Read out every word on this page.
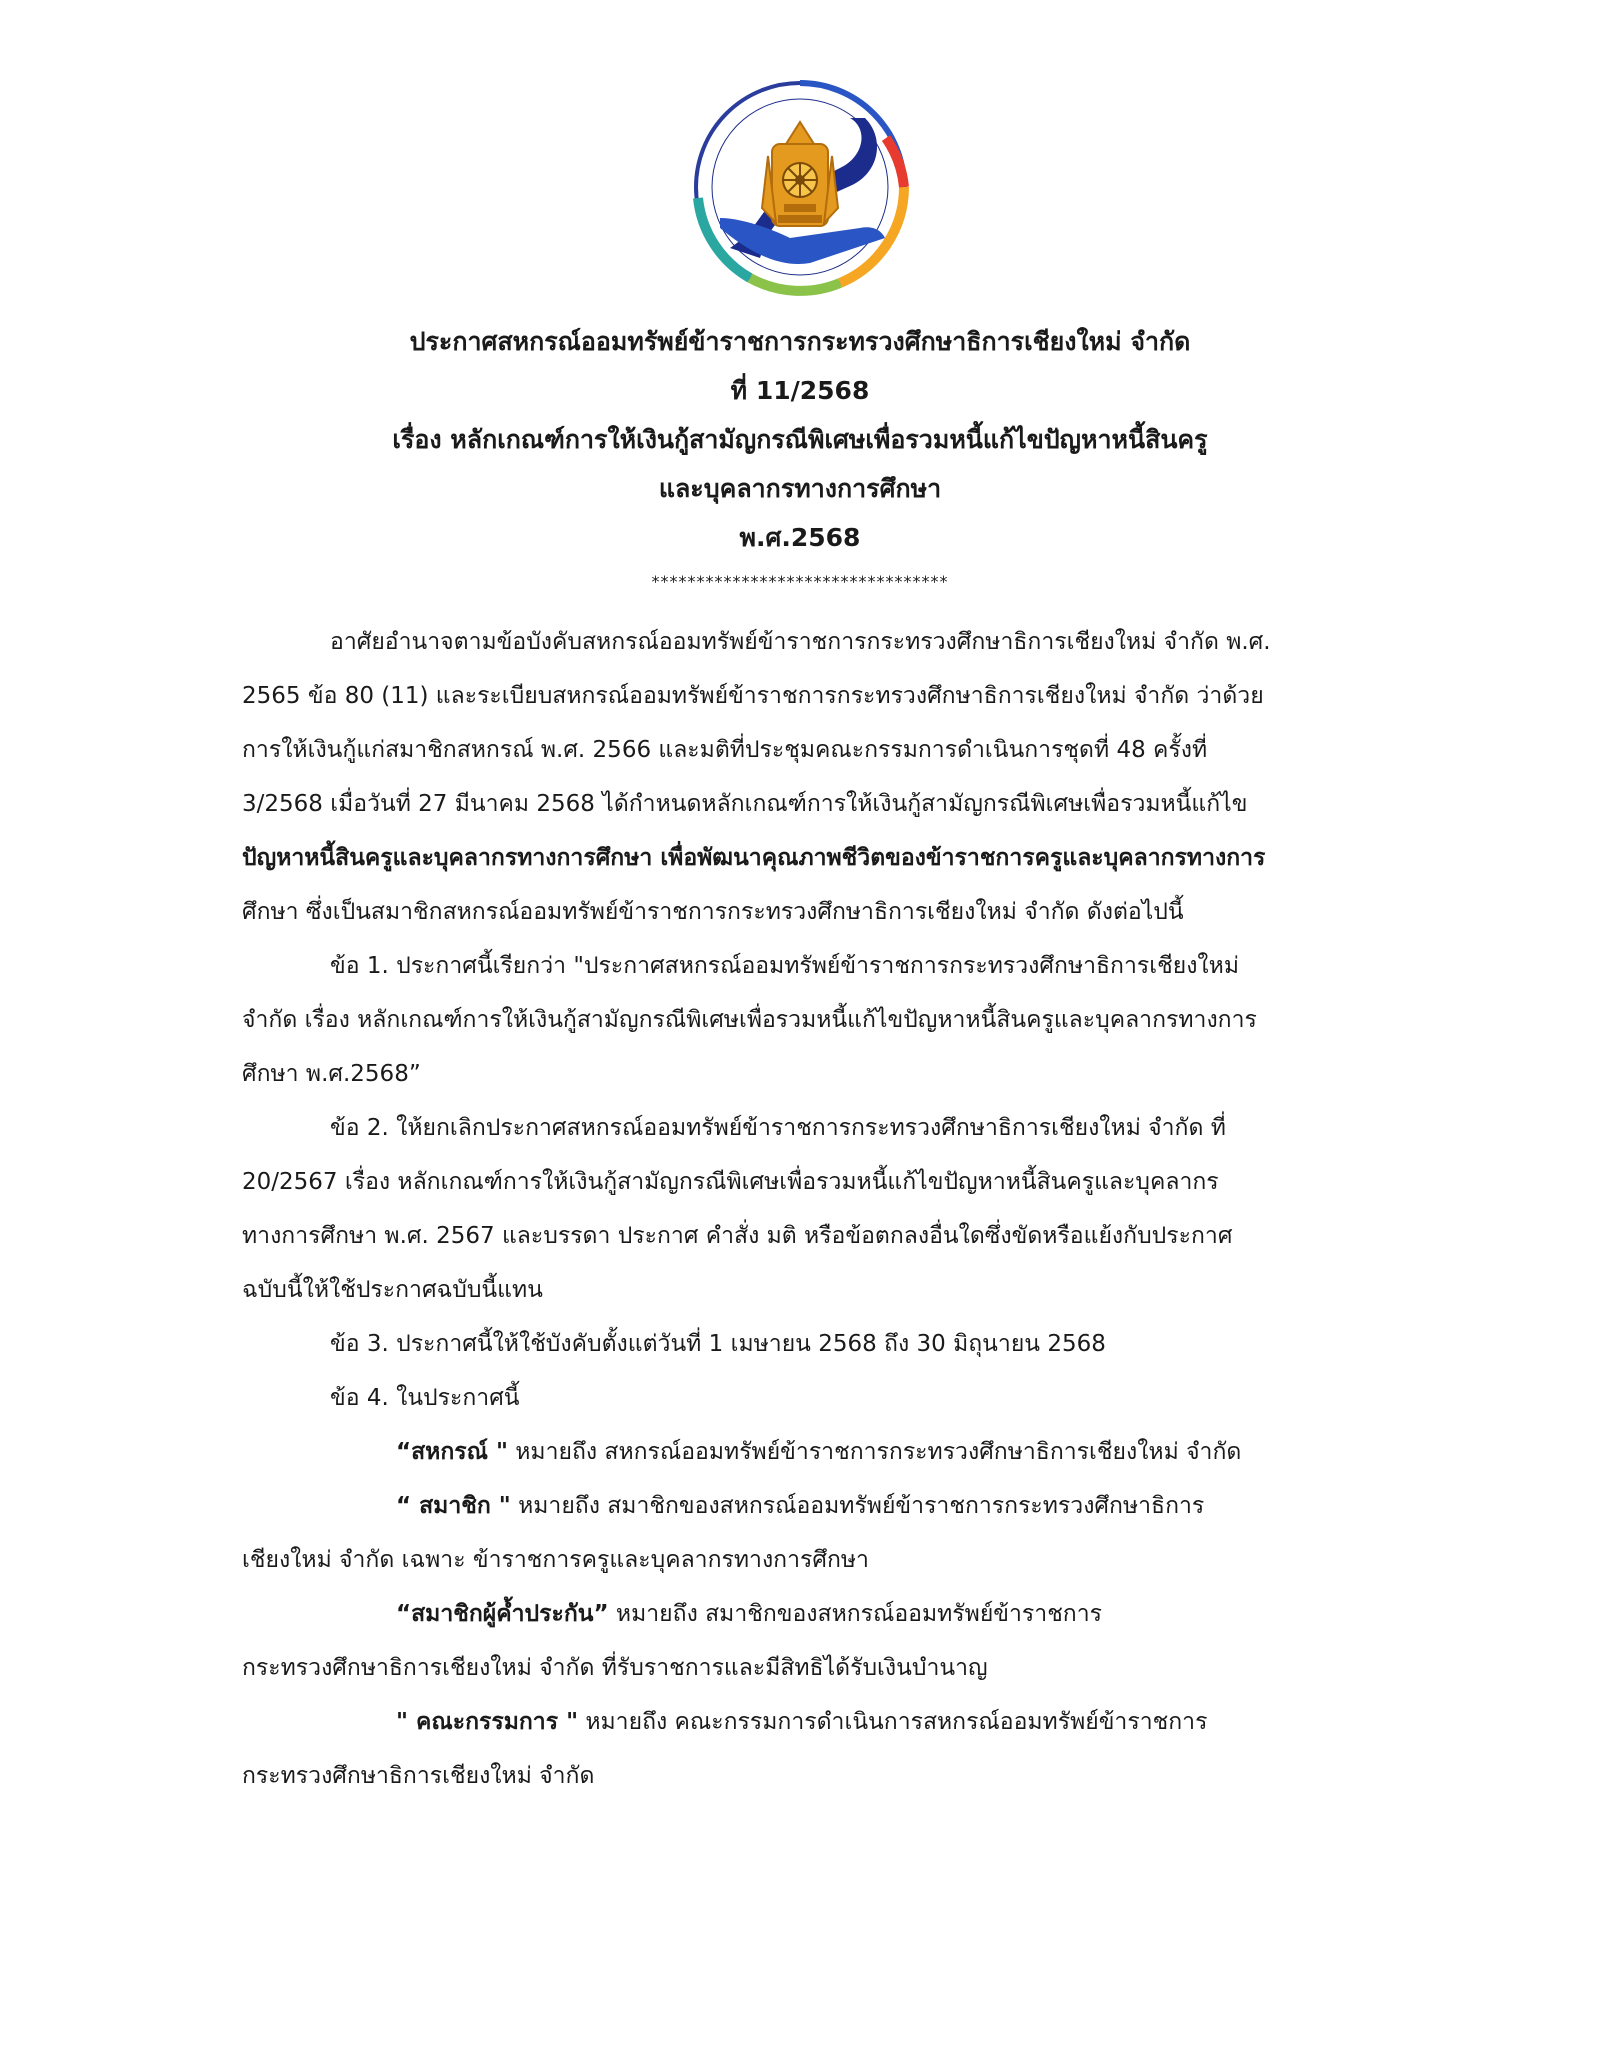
ประกาศสหกรณ์ออมทรัพย์ข้าราชการกระทรวงศึกษาธิการเชียงใหม่ จำกัด
ที่ 11/2568
เรื่อง หลักเกณฑ์การให้เงินกู้สามัญกรณีพิเศษเพื่อรวมหนี้แก้ไขปัญหาหนี้สินครู
และบุคลากรทางการศึกษา
พ.ศ.2568
*********************************
อาศัยอำนาจตามข้อบังคับสหกรณ์ออมทรัพย์ข้าราชการกระทรวงศึกษาธิการเชียงใหม่ จำกัด พ.ศ.
2565 ข้อ 80 (11) และระเบียบสหกรณ์ออมทรัพย์ข้าราชการกระทรวงศึกษาธิการเชียงใหม่ จำกัด ว่าด้วย
การให้เงินกู้แก่สมาชิกสหกรณ์ พ.ศ. 2566 และมติที่ประชุมคณะกรรมการดำเนินการชุดที่ 48 ครั้งที่
3/2568 เมื่อวันที่ 27 มีนาคม 2568 ได้กำหนดหลักเกณฑ์การให้เงินกู้สามัญกรณีพิเศษเพื่อรวมหนี้แก้ไข
ปัญหาหนี้สินครูและบุคลากรทางการศึกษา เพื่อพัฒนาคุณภาพชีวิตของข้าราชการครูและบุคลากรทางการ
ศึกษา ซึ่งเป็นสมาชิกสหกรณ์ออมทรัพย์ข้าราชการกระทรวงศึกษาธิการเชียงใหม่ จำกัด ดังต่อไปนี้
ข้อ 1. ประกาศนี้เรียกว่า "ประกาศสหกรณ์ออมทรัพย์ข้าราชการกระทรวงศึกษาธิการเชียงใหม่
จำกัด เรื่อง หลักเกณฑ์การให้เงินกู้สามัญกรณีพิเศษเพื่อรวมหนี้แก้ไขปัญหาหนี้สินครูและบุคลากรทางการ
ศึกษา พ.ศ.2568”
ข้อ 2. ให้ยกเลิกประกาศสหกรณ์ออมทรัพย์ข้าราชการกระทรวงศึกษาธิการเชียงใหม่ จำกัด ที่
20/2567 เรื่อง หลักเกณฑ์การให้เงินกู้สามัญกรณีพิเศษเพื่อรวมหนี้แก้ไขปัญหาหนี้สินครูและบุคลากร
ทางการศึกษา พ.ศ. 2567 และบรรดา ประกาศ คำสั่ง มติ หรือข้อตกลงอื่นใดซึ่งขัดหรือแย้งกับประกาศ
ฉบับนี้ให้ใช้ประกาศฉบับนี้แทน
ข้อ 3. ประกาศนี้ให้ใช้บังคับตั้งแต่วันที่ 1 เมษายน 2568 ถึง 30 มิถุนายน 2568
ข้อ 4. ในประกาศนี้
“สหกรณ์ " หมายถึง สหกรณ์ออมทรัพย์ข้าราชการกระทรวงศึกษาธิการเชียงใหม่ จำกัด
“ สมาชิก " หมายถึง สมาชิกของสหกรณ์ออมทรัพย์ข้าราชการกระทรวงศึกษาธิการ
เชียงใหม่ จำกัด เฉพาะ ข้าราชการครูและบุคลากรทางการศึกษา
“สมาชิกผู้ค้ำประกัน” หมายถึง สมาชิกของสหกรณ์ออมทรัพย์ข้าราชการ
กระทรวงศึกษาธิการเชียงใหม่ จำกัด ที่รับราชการและมีสิทธิได้รับเงินบำนาญ
" คณะกรรมการ " หมายถึง คณะกรรมการดำเนินการสหกรณ์ออมทรัพย์ข้าราชการ
กระทรวงศึกษาธิการเชียงใหม่ จำกัด
